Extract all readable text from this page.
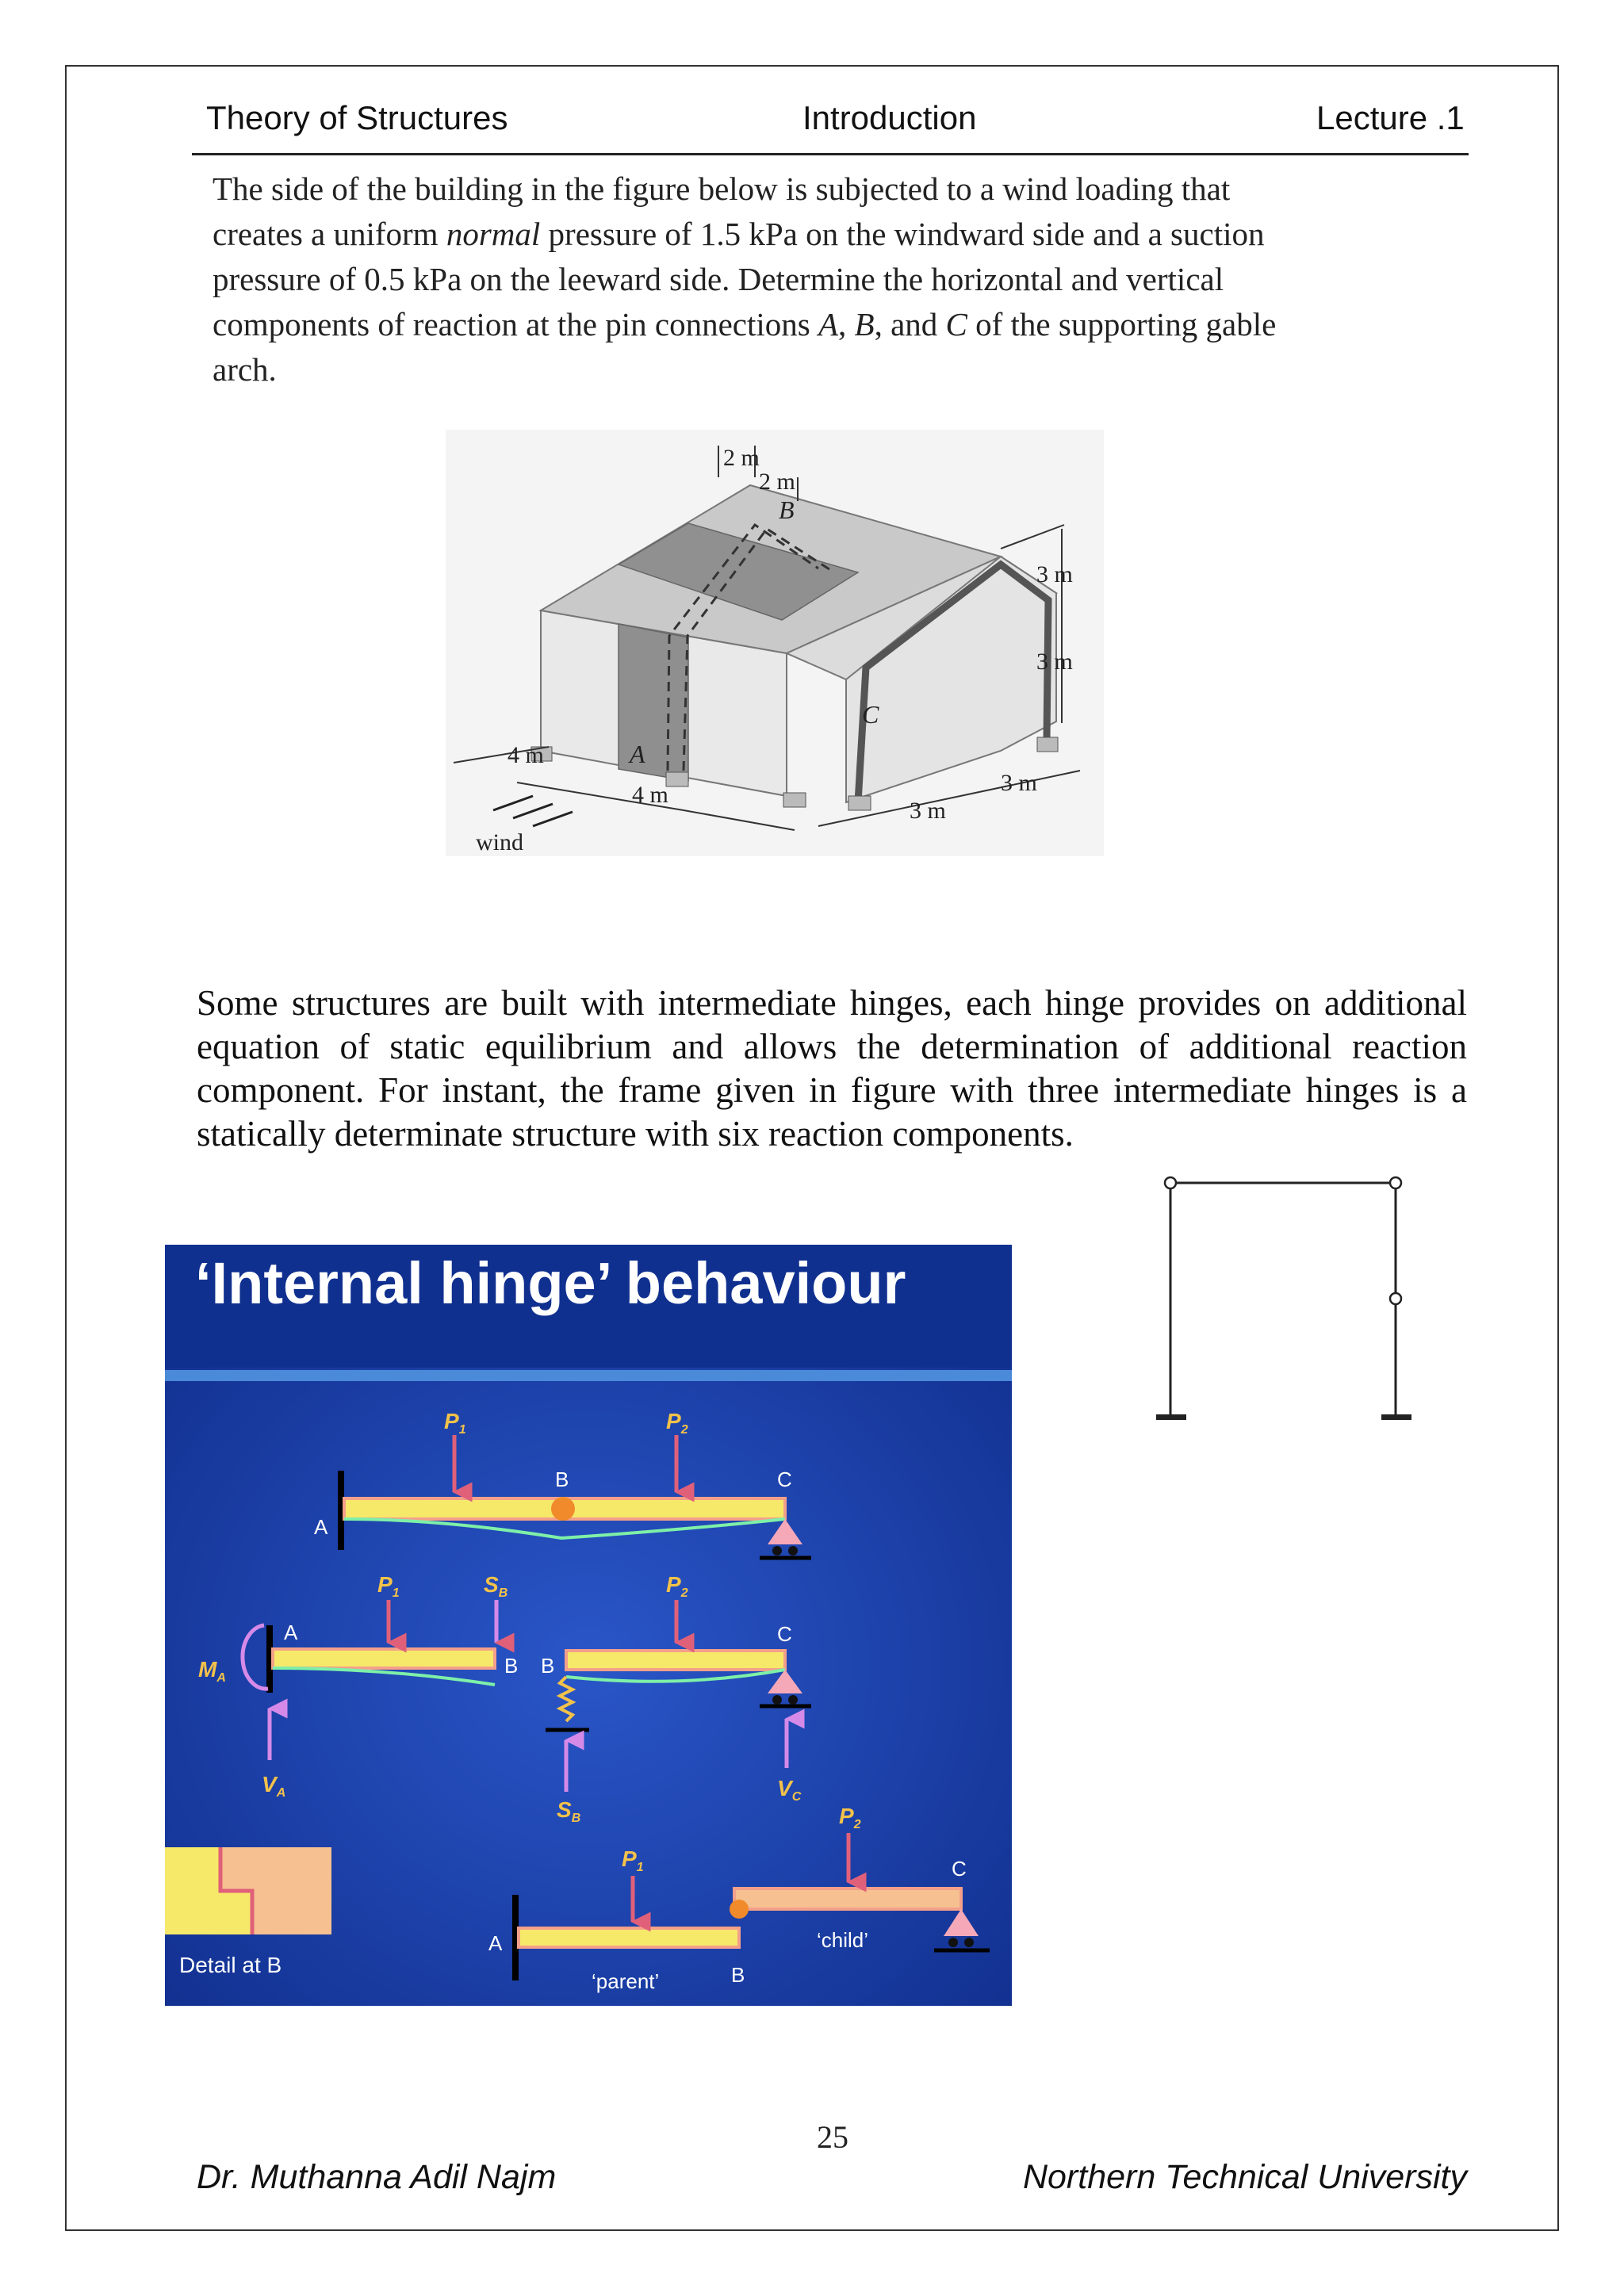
Theory of Structures	Introduction	Lecture .1

The side of the building in the figure below is subjected to a wind loading that

creates a uniform normal pressure of 1.5 kPa on the windward side and a suction

pressure of 0.5 kPa on the leeward side. Determine the horizontal and vertical

components of reaction at the pin connections A, B, and C of the supporting gable

arch.

2 m
2 m
B
3 m
3 m
C
A
4 m
4 m
3 m
3 m
wind

Some structures are built with intermediate hinges, each hinge provides on additional equation of static equilibrium and allows the determination of additional reaction component. For instant, the frame given in figure with three intermediate hinges is a statically determinate structure with six reaction components.

‘Internal hinge’ behaviour
$P_1$	$P_2$
A
B	C
$M_A$
A
$P_1$	$S_B$
B B
$P_2$
C
$V_A$
$S_B$
$V_C$
$P_1$
$P_2$
A
B
C
‘parent’
‘child’
Detail at B
25
Dr. Muthanna Adil Najm	Northern Technical University
